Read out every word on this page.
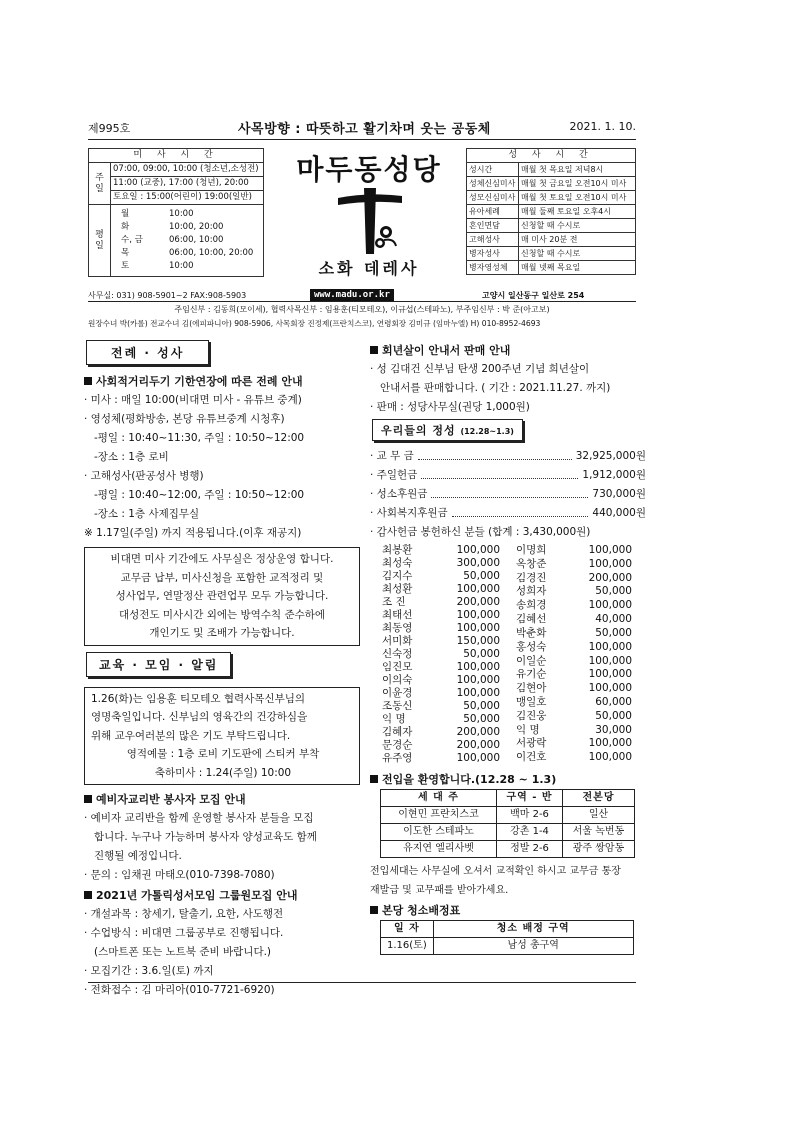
제995호	사목방향 : 따뜻하고 활기차며 웃는 공동체	2021. 1. 10.
미 사 시 간
주 일	
07:00, 09:00, 10:00 (청소년,소성전)
11:00 (교중), 17:00 (청년), 20:00
토요일 : 15:00(어린이) 19:00(일반)

평 일	
월	10:00
화	10:00, 20:00
수, 금	06:00, 10:00
목	06:00, 10:00, 20:00
토	10:00
마두동성당
소화 데레사
성 사 시 간	
성시간	매월 첫 목요일 저녁8시
성체신심미사	매월 첫 금요일 오전10시 미사
성모신심미사	매월 첫 토요일 오전10시 미사
유아세례	매월 둘째 토요일 오후4시
혼인면담	신청할 때 수시로
고해성사	매 미사 20분 전
병자성사	신청할 때 수시로
병자영성체	매월 넷째 목요일
사무실: 031) 908-5901~2 FAX:908-5903	www.madu.or.kr	고양시 일산동구 일산로 254
주임신부 : 김동희(모이세), 협력사목신부 : 임용훈(티모테오), 이규섭(스테파노), 부주임신부 : 박 준(아고보)
원장수녀 박(카롤) 전교수녀 김(에피파니아) 908-5906, 사목회장 진정제(프란치스코), 연령회장 김미규 (임마누엘) H) 010-8952-4693
전례 · 성사
사회적거리두기 기한연장에 따른 전례 안내
· 미사 : 매일 10:00(비대면 미사 - 유튜브 중계)
· 영성체(평화방송, 본당 유튜브중계 시청후)
-평일 : 10:40~11:30, 주일 : 10:50~12:00
-장소 : 1층 로비
· 고해성사(판공성사 병행)
-평일 : 10:40~12:00, 주일 : 10:50~12:00
-장소 : 1층 사제집무실
※ 1.17일(주일) 까지 적용됩니다.(이후 재공지)
비대면 미사 기간에도 사무실은 정상운영 합니다.
교무금 납부, 미사신청을 포함한 교적정리 및
성사업무, 연말정산 관련업무 모두 가능합니다.
대성전도 미사시간 외에는 방역수칙 준수하에
개인기도 및 조배가 가능합니다.
교육 · 모임 · 알림
1.26(화)는 임용훈 티모테오 협력사목신부님의
영명축일입니다. 신부님의 영육간의 건강하심을
위해 교우여러분의 많은 기도 부탁드립니다.
영적예물 : 1층 로비 기도판에 스티커 부착
축하미사 : 1.24(주일) 10:00
예비자교리반 봉사자 모집 안내
· 예비자 교리반을 함께 운영할 봉사자 분들을 모집
합니다. 누구나 가능하며 봉사자 양성교육도 함께
진행될 예정입니다.
· 문의 : 임채권 마태오(010-7398-7080)
2021년 가톨릭성서모임 그룹원모집 안내
· 개설과목 : 창세기, 탈출기, 요한, 사도행전
· 수업방식 : 비대면 그룹공부로 진행됩니다.
(스마트폰 또는 노트북 준비 바랍니다.)
· 모집기간 : 3.6.일(토) 까지
· 전화접수 : 김 마리아(010-7721-6920)
회년살이 안내서 판매 안내
· 성 김대건 신부님 탄생 200주년 기념 희년살이
안내서를 판매합니다. ( 기간 : 2021.11.27. 까지)
· 판매 : 성당사무실(권당 1,000원)
우리들의 정성 (12.28~1.3)
· 교 무 금	32,925,000원
· 주일헌금	1,912,000원
· 성소후원금	730,000원
· 사회복지후원금	440,000원
· 감사헌금 봉헌하신 분들 (합계 : 3,430,000원)
최봉환	100,000
최성숙	300,000
김지수	50,000
최성환	100,000
조 진	200,000
최태선	100,000
최동영	100,000
서미화	150,000
신숙정	50,000
임진모	100,000
이의숙	100,000
이윤경	100,000
조동신	50,000
익 명	50,000
김혜자	200,000
문경순	200,000
유주영	100,000
이명희	100,000
옥창준	100,000
김경진	200,000
성희자	50,000
송희경	100,000
김혜선	40,000
박춘화	50,000
홍성숙	100,000
이일순	100,000
유기순	100,000
김현아	100,000
맹일호	60,000
김진웅	50,000
익 명	30,000
서광락	100,000
이건호	100,000
전입을 환영합니다.(12.28 ~ 1.3)
세 대 주	구역 - 반	전본당
이현민 프란치스코	백마 2-6	일산
이도한 스테파노	강촌 1-4	서울 녹번동
유지연 엘리사벳	정발 2-6	광주 쌍암동
전입세대는 사무실에 오셔서 교적확인 하시고 교무금 통장
재발급 및 교무패를 받아가세요.
본당 청소배정표
일 자	청소 배정 구역
1.16(토)	남성 총구역
